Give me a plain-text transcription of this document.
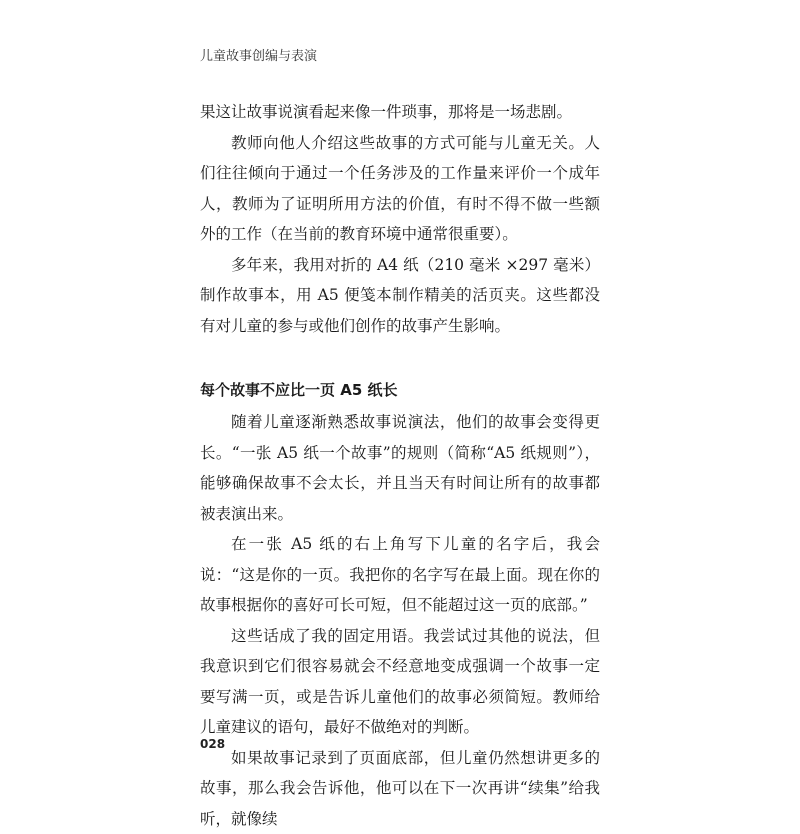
儿童故事创编与表演

果这让故事说演看起来像一件琐事，那将是一场悲剧。

教师向他人介绍这些故事的方式可能与儿童无关。人们往往倾向于通过一个任务涉及的工作量来评价一个成年人，教师为了证明所用方法的价值，有时不得不做一些额外的工作（在当前的教育环境中通常很重要）。

多年来，我用对折的 A4 纸（210 毫米 ×297 毫米）制作故事本，用 A5 便笺本制作精美的活页夹。这些都没有对儿童的参与或他们创作的故事产生影响。

每个故事不应比一页 A5 纸长

随着儿童逐渐熟悉故事说演法，他们的故事会变得更长。“一张 A5 纸一个故事”的规则（简称“A5 纸规则”），能够确保故事不会太长，并且当天有时间让所有的故事都被表演出来。

在一张 A5 纸的右上角写下儿童的名字后，我会说：“这是你的一页。我把你的名字写在最上面。现在你的故事根据你的喜好可长可短，但不能超过这一页的底部。”

这些话成了我的固定用语。我尝试过其他的说法，但我意识到它们很容易就会不经意地变成强调一个故事一定要写满一页，或是告诉儿童他们的故事必须简短。教师给儿童建议的语句，最好不做绝对的判断。

如果故事记录到了页面底部，但儿童仍然想讲更多的故事，那么我会告诉他，他可以在下一次再讲“续集”给我听，就像续

028
